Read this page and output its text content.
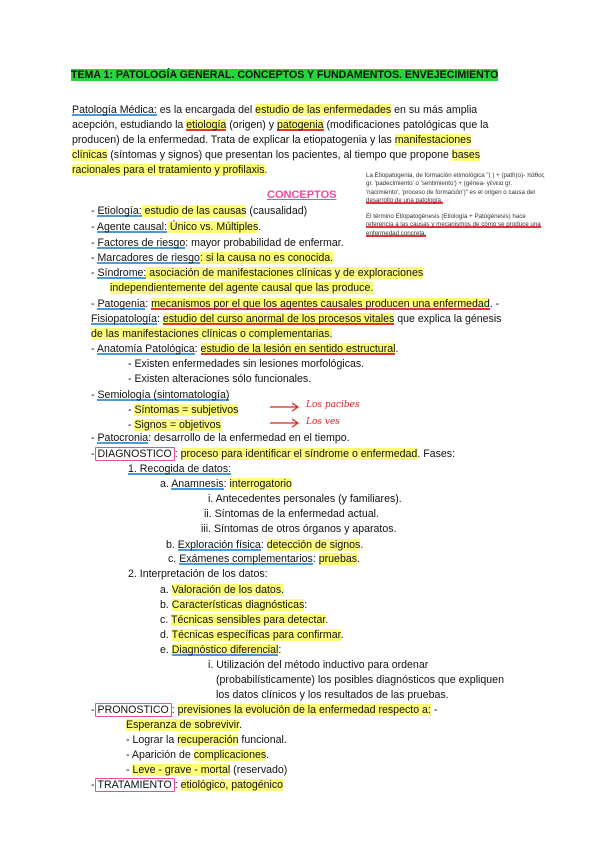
TEMA 1: PATOLOGÍA GENERAL. CONCEPTOS Y FUNDAMENTOS. ENVEJECIMIENTO
Patología Médica: es la encargada del estudio de las enfermedades en su más amplia
acepción, estudiando la etiología (origen) y patogenia (modificaciones patológicas que la
producen) de la enfermedad. Trata de explicar la etiopatogenia y las manifestaciones
clínicas (síntomas y signos) que presentan los pacientes, al tiempo que propone bases
racionales para el tratamiento y profilaxis.	La Etiopatogenia, de formación etimológica "( ) + (path(o)- πάθος
gr. 'padecimiento' o 'sentimiento') + (génea- γένεια gr.
'nacimiento', 'proceso de formación')" es el origen o causa del
desarrollo de una patología.
El término Etiopatogénesis (Etiología + Patogénesis) hace
referencia a las causas y mecanismos de cómo se produce una
enfermedad concreta.
CONCEPTOS
- Etiología: estudio de las causas (causalidad)
- Agente causal: Único vs. Múltiples.
- Factores de riesgo: mayor probabilidad de enfermar.
- Marcadores de riesgo: si la causa no es conocida.
- Síndrome: asociación de manifestaciones clínicas y de exploraciones
independientemente del agente causal que las produce.
- Patogenia: mecanismos por el que los agentes causales producen una enfermedad. -
Fisiopatología: estudio del curso anormal de los procesos vitales que explica la génesis
de las manifestaciones clínicas o complementarias.
- Anatomía Patológica: estudio de la lesión en sentido estructural.
- Existen enfermedades sin lesiones morfológicas.
- Existen alteraciones sólo funcionales.
- Semiología (sintomatología)
- Síntomas = subjetivos
- Signos = objetivos
Los pacibes
Los ves
- Patocronia: desarrollo de la enfermedad en el tiempo.
- DIAGNOSTICO : proceso para identificar el síndrome o enfermedad. Fases:
1. Recogida de datos:
a. Anamnesis: interrogatorio
i. Antecedentes personales (y familiares).
ii. Síntomas de la enfermedad actual.
iii. Síntomas de otros órganos y aparatos.
b. Exploración física: detección de signos.
c. Exámenes complementarios: pruebas.
2. Interpretación de los datos:
a. Valoración de los datos.
b. Características diagnósticas:
c. Técnicas sensibles para detectar.
d. Técnicas específicas para confirmar.
e. Diagnóstico diferencial:
i. Utilización del método inductivo para ordenar
(probabilísticamente) los posibles diagnósticos que expliquen
los datos clínicos y los resultados de las pruebas.
- PRONOSTICO : previsiones la evolución de la enfermedad respecto a: -
Esperanza de sobrevivir.
- Lograr la recuperación funcional.
- Aparición de complicaciones.
- Leve - grave - mortal (reservado)
- TRATAMIENTO : etiológico, patogénico
